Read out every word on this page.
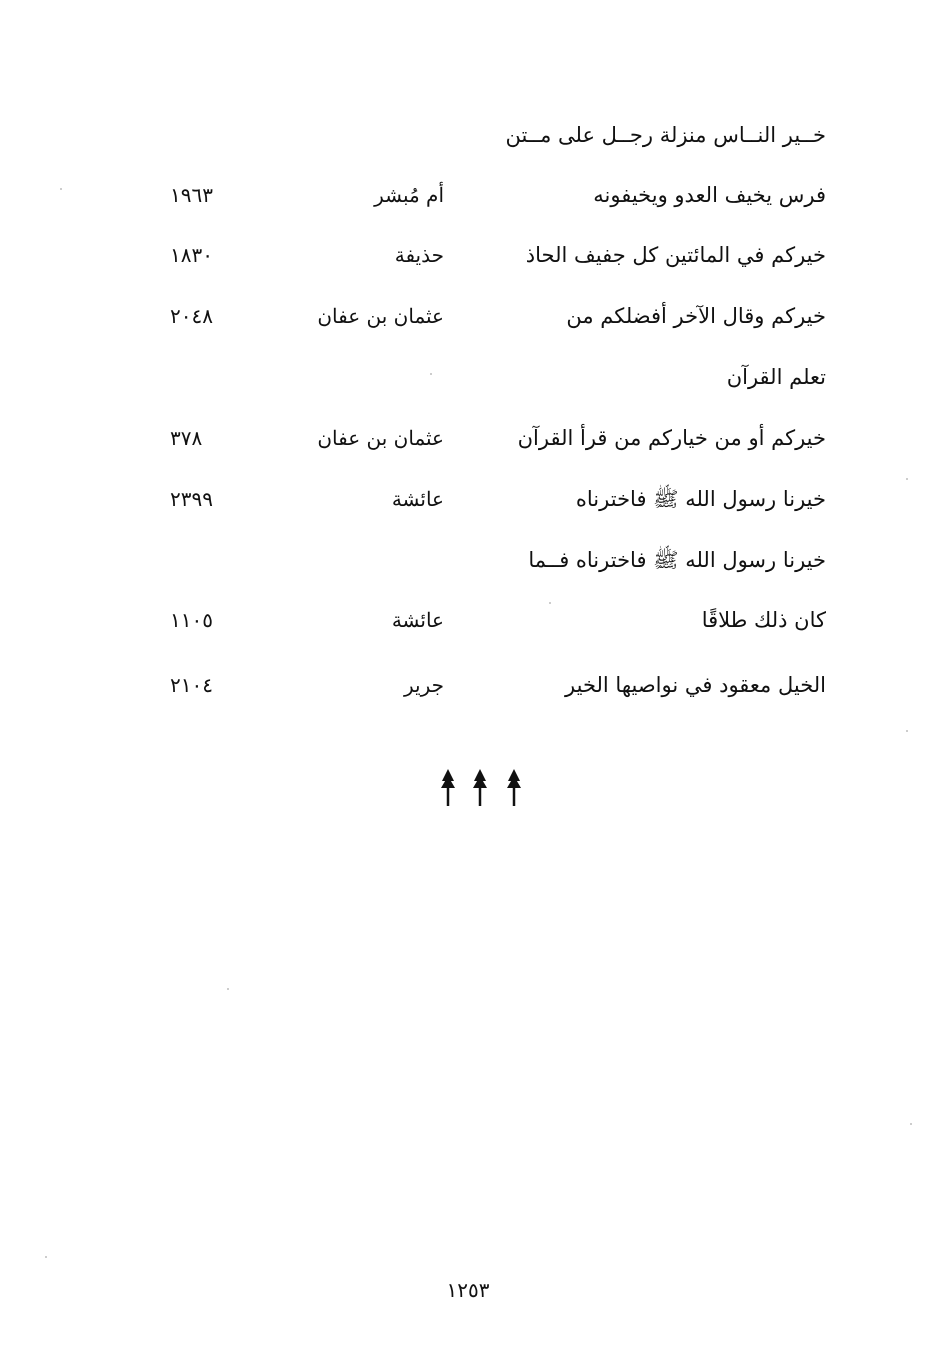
خــير النــاس منزلة رجــل على مــتن
فرس يخيف العدو ويخيفونه
أم مُبشر
١٩٦٣
خيركم في المائتين كل جفيف الحاذ
حذيفة
١٨٣٠
خيركم وقال الآخر أفضلكم من
عثمان بن عفان
٢٠٤٨
تعلم القرآن
خيركم أو من خياركم من قرأ القرآن
عثمان بن عفان
٣٧٨
خيرنا رسول الله ﷺ فاخترناه
عائشة
٢٣٩٩
خيرنا رسول الله ﷺ فاخترناه فــما
كان ذلك طلاقًا
عائشة
١١٠٥
الخيل معقود في نواصيها الخير
جرير
٢١٠٤
١٢٥٣
